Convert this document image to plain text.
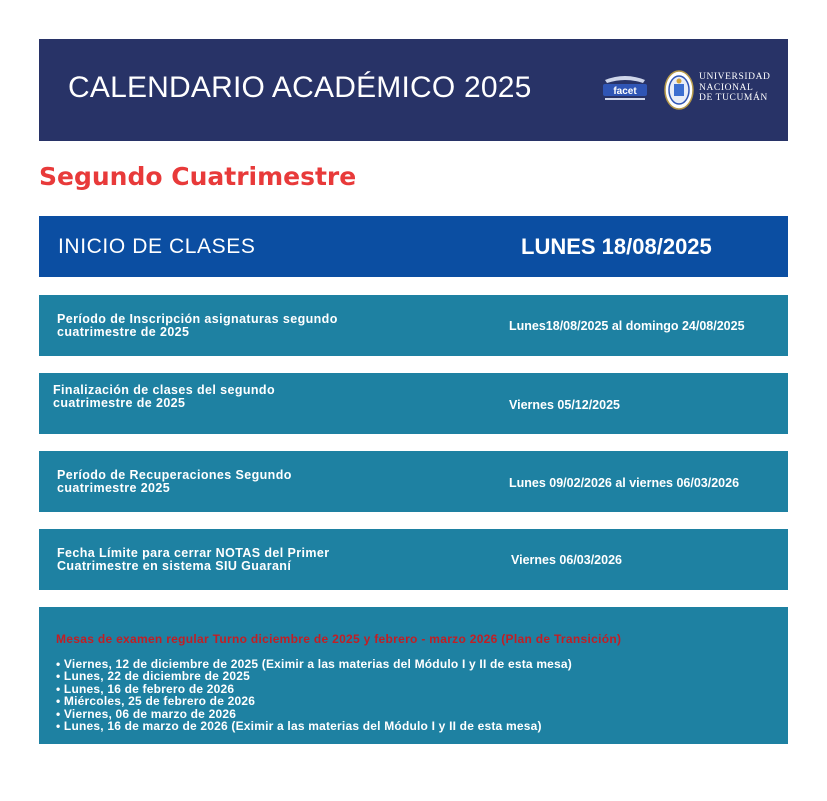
CALENDARIO ACADÉMICO 2025	facet
UNIVERSIDAD
NACIONAL
DE TUCUMÁN
Segundo Cuatrimestre
INICIO DE CLASES	LUNES 18/08/2025
Período de Inscripción asignaturas segundo cuatrimestre de 2025	Lunes18/08/2025 al domingo 24/08/2025
Finalización de clases del segundo cuatrimestre de 2025	Viernes 05/12/2025
Período de Recuperaciones Segundo cuatrimestre 2025	Lunes 09/02/2026 al viernes 06/03/2026
Fecha Límite para cerrar NOTAS del Primer Cuatrimestre en sistema SIU Guaraní	Viernes 06/03/2026
Mesas de examen regular Turno diciembre de 2025 y febrero - marzo 2026 (Plan de Transición)
• Viernes, 12 de diciembre de 2025 (Eximir a las materias del Módulo I y II de esta mesa)
• Lunes, 22 de diciembre de 2025
• Lunes, 16 de febrero de 2026
• Miércoles, 25 de febrero de 2026
• Viernes, 06 de marzo de 2026
• Lunes, 16 de marzo de 2026 (Eximir a las materias del Módulo I y II de esta mesa)
